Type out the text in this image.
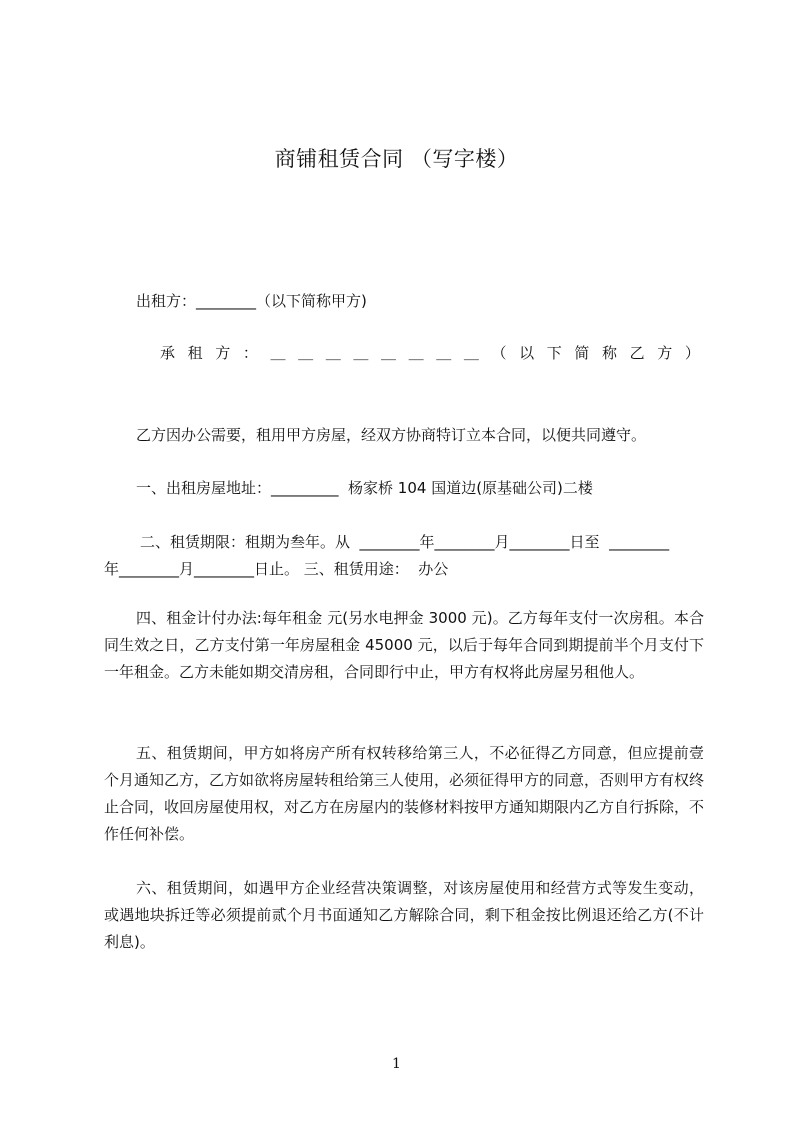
商铺租赁合同 （写字楼）
出租方：________（以下简称甲方)
承 租 方 ： ＿ ＿ ＿ ＿ ＿ ＿ ＿ ＿ （ 以 下 简 称 乙 方 ）
乙方因办公需要，租用甲方房屋，经双方协商特订立本合同，以便共同遵守。
一、出租房屋地址：_________  杨家桥 104 国道边(原基础公司)二楼
二、租赁期限：租期为叁年。从  ________年________月________日至  ________
年________月________日止。 三、租赁用途：  办公
四、租金计付办法:每年租金 元(另水电押金 3000 元)。乙方每年支付一次房租。本合同生效之日，乙方支付第一年房屋租金 45000 元，以后于每年合同到期提前半个月支付下一年租金。乙方未能如期交清房租，合同即行中止，甲方有权将此房屋另租他人。
五、租赁期间，甲方如将房产所有权转移给第三人，不必征得乙方同意，但应提前壹个月通知乙方，乙方如欲将房屋转租给第三人使用，必须征得甲方的同意，否则甲方有权终止合同，收回房屋使用权，对乙方在房屋内的装修材料按甲方通知期限内乙方自行拆除，不作任何补偿。
六、租赁期间，如遇甲方企业经营决策调整，对该房屋使用和经营方式等发生变动，或遇地块拆迁等必须提前贰个月书面通知乙方解除合同，剩下租金按比例退还给乙方(不计利息)。
1
